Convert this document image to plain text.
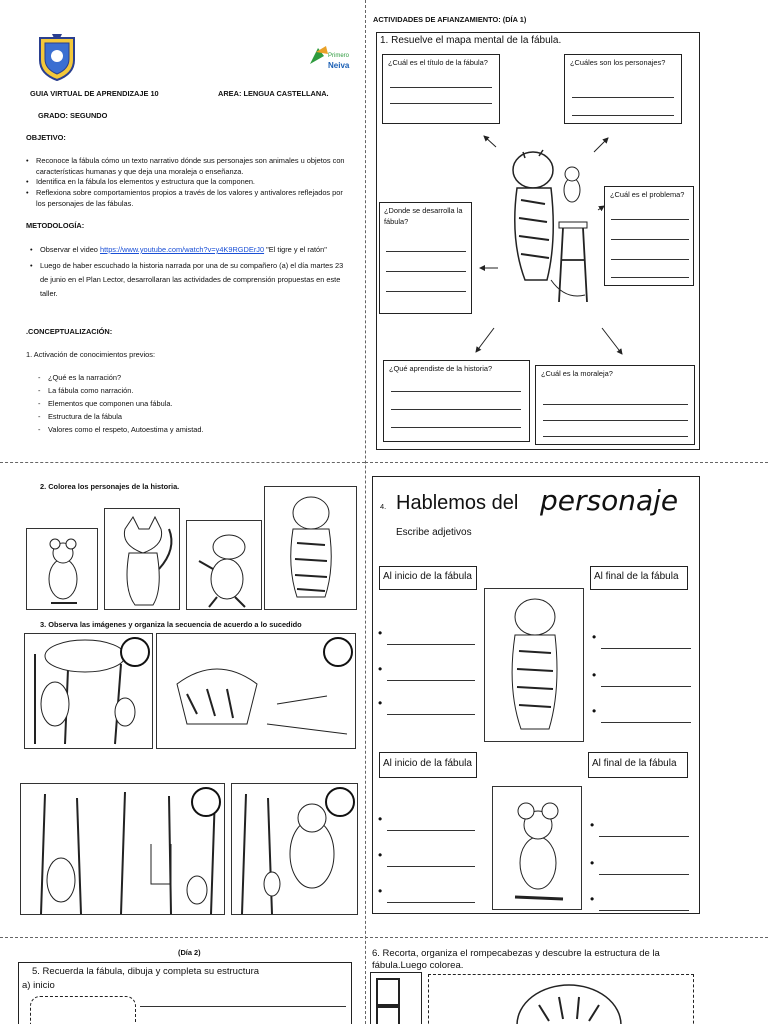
Primero
Neiva
GUIA VIRTUAL DE APRENDIZAJE 10	AREA: LENGUA CASTELLANA.
GRADO: SEGUNDO
OBJETIVO:
• Reconoce la fábula cómo un texto narrativo dónde sus personajes son animales u objetos con características humanas y que deja una moraleja o enseñanza.
• Identifica en la fábula los elementos y estructura que la componen.
• Reflexiona sobre comportamientos propios a través de los valores y antivalores reflejados por los personajes de las fábulas.
METODOLOGÍA:
• Observar el video https://www.youtube.com/watch?v=y4K9RGDErJ0 "El tigre y el ratón"
• Luego de haber escuchado la historia narrada por una de su compañero (a) el día martes 23 de junio en el Plan Lector, desarrollaran las actividades de comprensión propuestas en este taller.
.CONCEPTUALIZACIÓN:
1. Activación de conocimientos previos:
- ¿Qué es la narración?
- La fábula como narración.
- Elementos que componen una fábula.
- Estructura de la fábula
- Valores como el respeto, Autoestima y amistad.
ACTIVIDADES DE AFIANZAMIENTO: (DÍA 1)
1. Resuelve el mapa mental de la fábula.
¿Cuál es el título de la fábula?	¿Cuáles son los personajes?
¿Cuál es el problema?
¿Donde se desarrolla la fábula?
¿Qué aprendiste de la historia?
¿Cuál es la moraleja?
2. Colorea los personajes de la historia.
3. Observa las imágenes y organiza la secuencia de acuerdo a lo sucedido
4. Hablemos del personaje
Escribe adjetivos
Al inicio de la fábula	Al final de la fábula
•
•
•
•
•
•
Al inicio de la fábula	Al final de la fábula
•
•
•
•
•
•
(Día 2)
5. Recuerda la fábula, dibuja y completa su estructura
a) inicio
6. Recorta, organiza el rompecabezas y descubre la estructura de la fábula.Luego colorea.
